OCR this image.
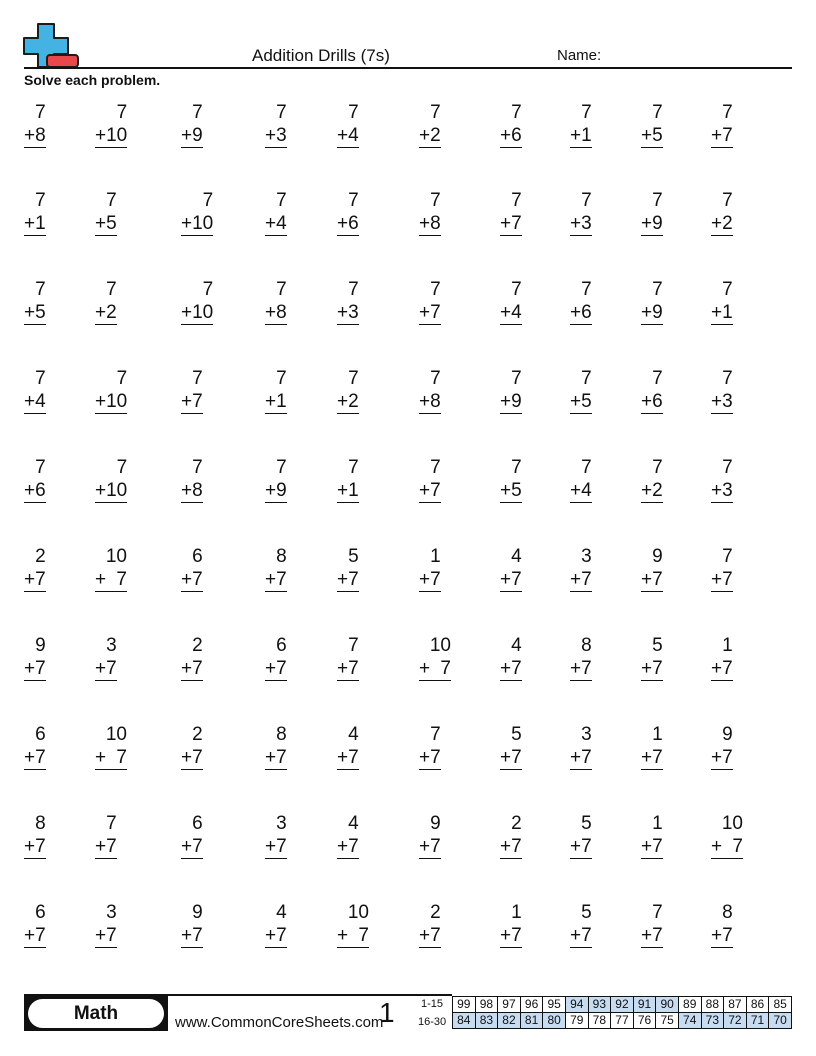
Addition Drills (7s)	Name:
Solve each problem.
7
+8
7
+10
7
+9
7
+3
7
+4
7
+2
7
+6
7
+1
7
+5
7
+7
7
+1
7
+5
7
+10
7
+4
7
+6
7
+8
7
+7
7
+3
7
+9
7
+2
7
+5
7
+2
7
+10
7
+8
7
+3
7
+7
7
+4
7
+6
7
+9
7
+1
7
+4
7
+10
7
+7
7
+1
7
+2
7
+8
7
+9
7
+5
7
+6
7
+3
7
+6
7
+10
7
+8
7
+9
7
+1
7
+7
7
+5
7
+4
7
+2
7
+3
2
+7
10
+ 7
6
+7
8
+7
5
+7
1
+7
4
+7
3
+7
9
+7
7
+7
9
+7
3
+7
2
+7
6
+7
7
+7
10
+ 7
4
+7
8
+7
5
+7
1
+7
6
+7
10
+ 7
2
+7
8
+7
4
+7
7
+7
5
+7
3
+7
1
+7
9
+7
8
+7
7
+7
6
+7
3
+7
4
+7
9
+7
2
+7
5
+7
1
+7
10
+ 7
6
+7
3
+7
9
+7
4
+7
10
+ 7
2
+7
1
+7
5
+7
7
+7
8
+7
Math	www.CommonCoreSheets.com
1 1-15
16-30
99	98	97	96	95	94	93	92	91	90	89	88	87	86	85
84	83	82	81	80	79	78	77	76	75	74	73	72	71	70
